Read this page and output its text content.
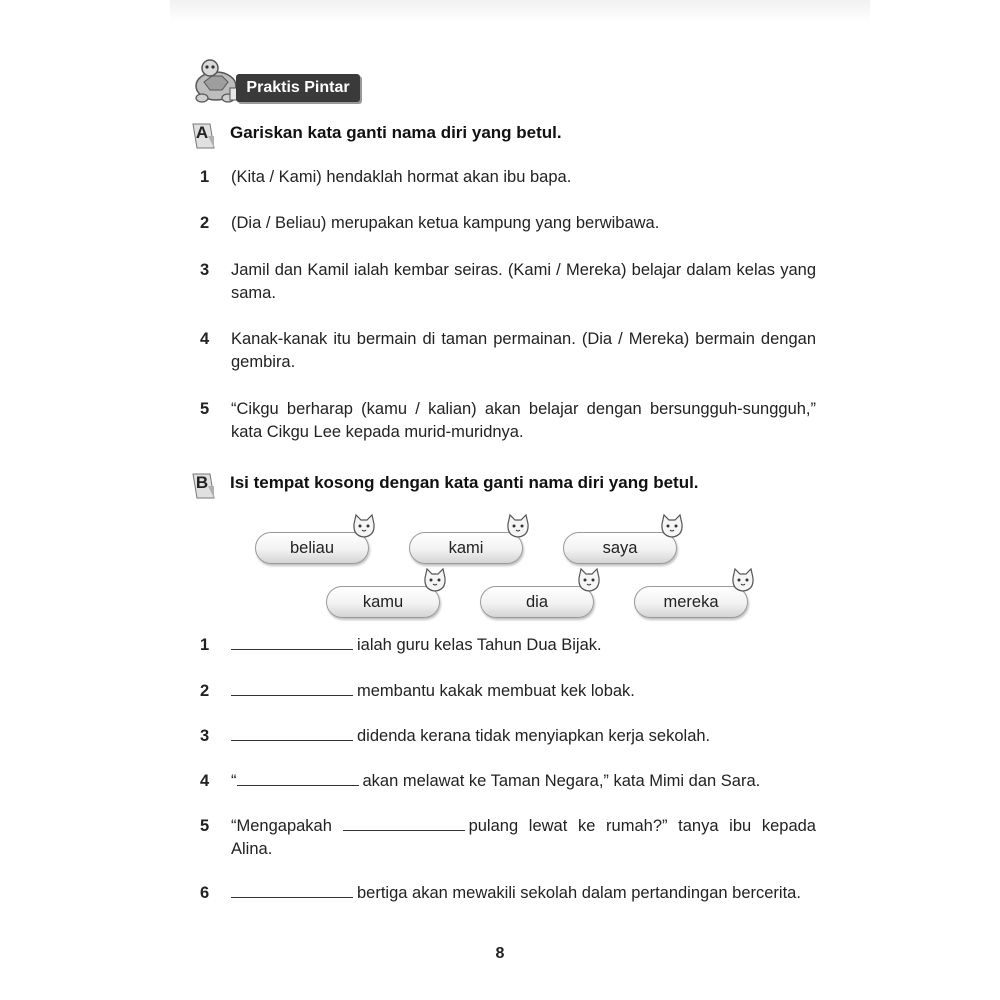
Praktis Pintar
A	Gariskan kata ganti nama diri yang betul.
1	(Kita / Kami) hendaklah hormat akan ibu bapa.
2	(Dia / Beliau) merupakan ketua kampung yang berwibawa.
3	Jamil dan Kamil ialah kembar seiras. (Kami / Mereka) belajar dalam kelas yang sama.
4	Kanak-kanak itu bermain di taman permainan. (Dia / Mereka) bermain dengan gembira.
5	“Cikgu berharap (kamu / kalian) akan belajar dengan bersungguh-sungguh,” kata Cikgu Lee kepada murid-muridnya.
B	Isi tempat kosong dengan kata ganti nama diri yang betul.
beliau	kami	saya
kamu	dia	mereka
1	ialah guru kelas Tahun Dua Bijak.
2	membantu kakak membuat kek lobak.
3	didenda kerana tidak menyiapkan kerja sekolah.
4	“	akan melawat ke Taman Negara,” kata Mimi dan Sara.
5	“Mengapakah	pulang lewat ke rumah?” tanya ibu kepada Alina.
6	bertiga akan mewakili sekolah dalam pertandingan bercerita.
8
